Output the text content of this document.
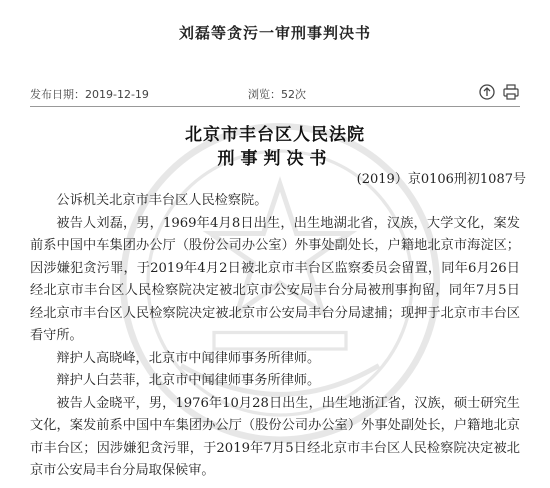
刘磊等贪污一审刑事判决书
发布日期：2019-12-19	浏览：52次
北京市丰台区人民法院
刑事判决书
(2019）京0106刑初1087号

公诉机关北京市丰台区人民检察院。

被告人刘磊，男，1969年4月8日出生，出生地湖北省，汉族，大学文化，案发前系中国中车集团办公厅（股份公司办公室）外事处副处长，户籍地北京市海淀区；因涉嫌犯贪污罪，于2019年4月2日被北京市丰台区监察委员会留置，同年6月26日经北京市丰台区人民检察院决定被北京市公安局丰台分局被刑事拘留，同年7月5日经北京市丰台区人民检察院决定被北京市公安局丰台分局逮捕；现押于北京市丰台区看守所。

辩护人高晓峰，北京市中闻律师事务所律师。

辩护人白芸菲，北京市中闻律师事务所律师。

被告人金晓平，男，1976年10月28日出生，出生地浙江省，汉族，硕士研究生文化，案发前系中国中车集团办公厅（股份公司办公室）外事处副处长，户籍地北京市丰台区；因涉嫌犯贪污罪，于2019年7月5日经北京市丰台区人民检察院决定被北京市公安局丰台分局取保候审。
